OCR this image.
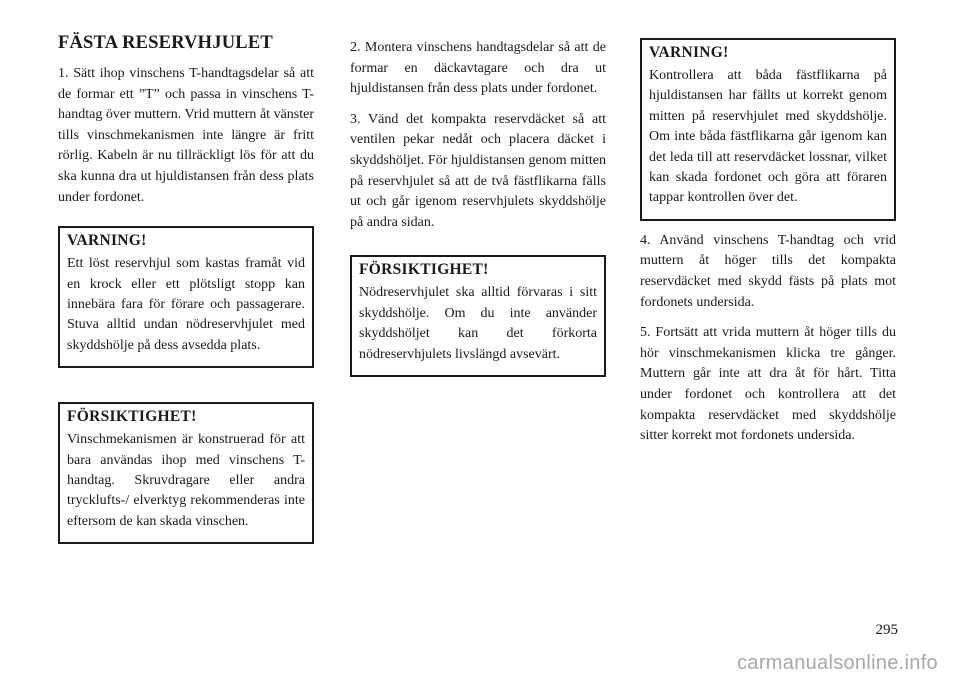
FÄSTA RESERVHJULET

1. Sätt ihop vinschens T-handtagsdelar så att de formar ett ”T” och passa in vinschens T-handtag över muttern. Vrid muttern åt vänster tills vinschmekanismen inte längre är fritt rörlig. Kabeln är nu tillräckligt lös för att du ska kunna dra ut hjuldistansen från dess plats under fordonet.

VARNING!

Ett löst reservhjul som kastas framåt vid en krock eller ett plötsligt stopp kan innebära fara för förare och passagerare. Stuva alltid undan nödreservhjulet med skyddshölje på dess avsedda plats.

FÖRSIKTIGHET!

Vinschmekanismen är konstruerad för att bara användas ihop med vinschens T-handtag. Skruvdragare eller andra trycklufts-/ elverktyg rekommenderas inte eftersom de kan skada vinschen.

2. Montera vinschens handtagsdelar så att de formar en däckavtagare och dra ut hjuldistansen från dess plats under fordonet.

3. Vänd det kompakta reservdäcket så att ventilen pekar nedåt och placera däcket i skyddshöljet. För hjuldistansen genom mitten på reservhjulet så att de två fästflikarna fälls ut och går igenom reservhjulets skyddshölje på andra sidan.

FÖRSIKTIGHET!

Nödreservhjulet ska alltid förvaras i sitt skyddshölje. Om du inte använder skyddshöljet kan det förkorta nödreservhjulets livslängd avsevärt.

VARNING!

Kontrollera att båda fästflikarna på hjuldistansen har fällts ut korrekt genom mitten på reservhjulet med skyddshölje. Om inte båda fästflikarna går igenom kan det leda till att reservdäcket lossnar, vilket kan skada fordonet och göra att föraren tappar kontrollen över det.

4. Använd vinschens T-handtag och vrid muttern åt höger tills det kompakta reservdäcket med skydd fästs på plats mot fordonets undersida.

5. Fortsätt att vrida muttern åt höger tills du hör vinschmekanismen klicka tre gånger. Muttern går inte att dra åt för hårt. Titta under fordonet och kontrollera att det kompakta reservdäcket med skyddshölje sitter korrekt mot fordonets undersida.

295
carmanualsonline.info
